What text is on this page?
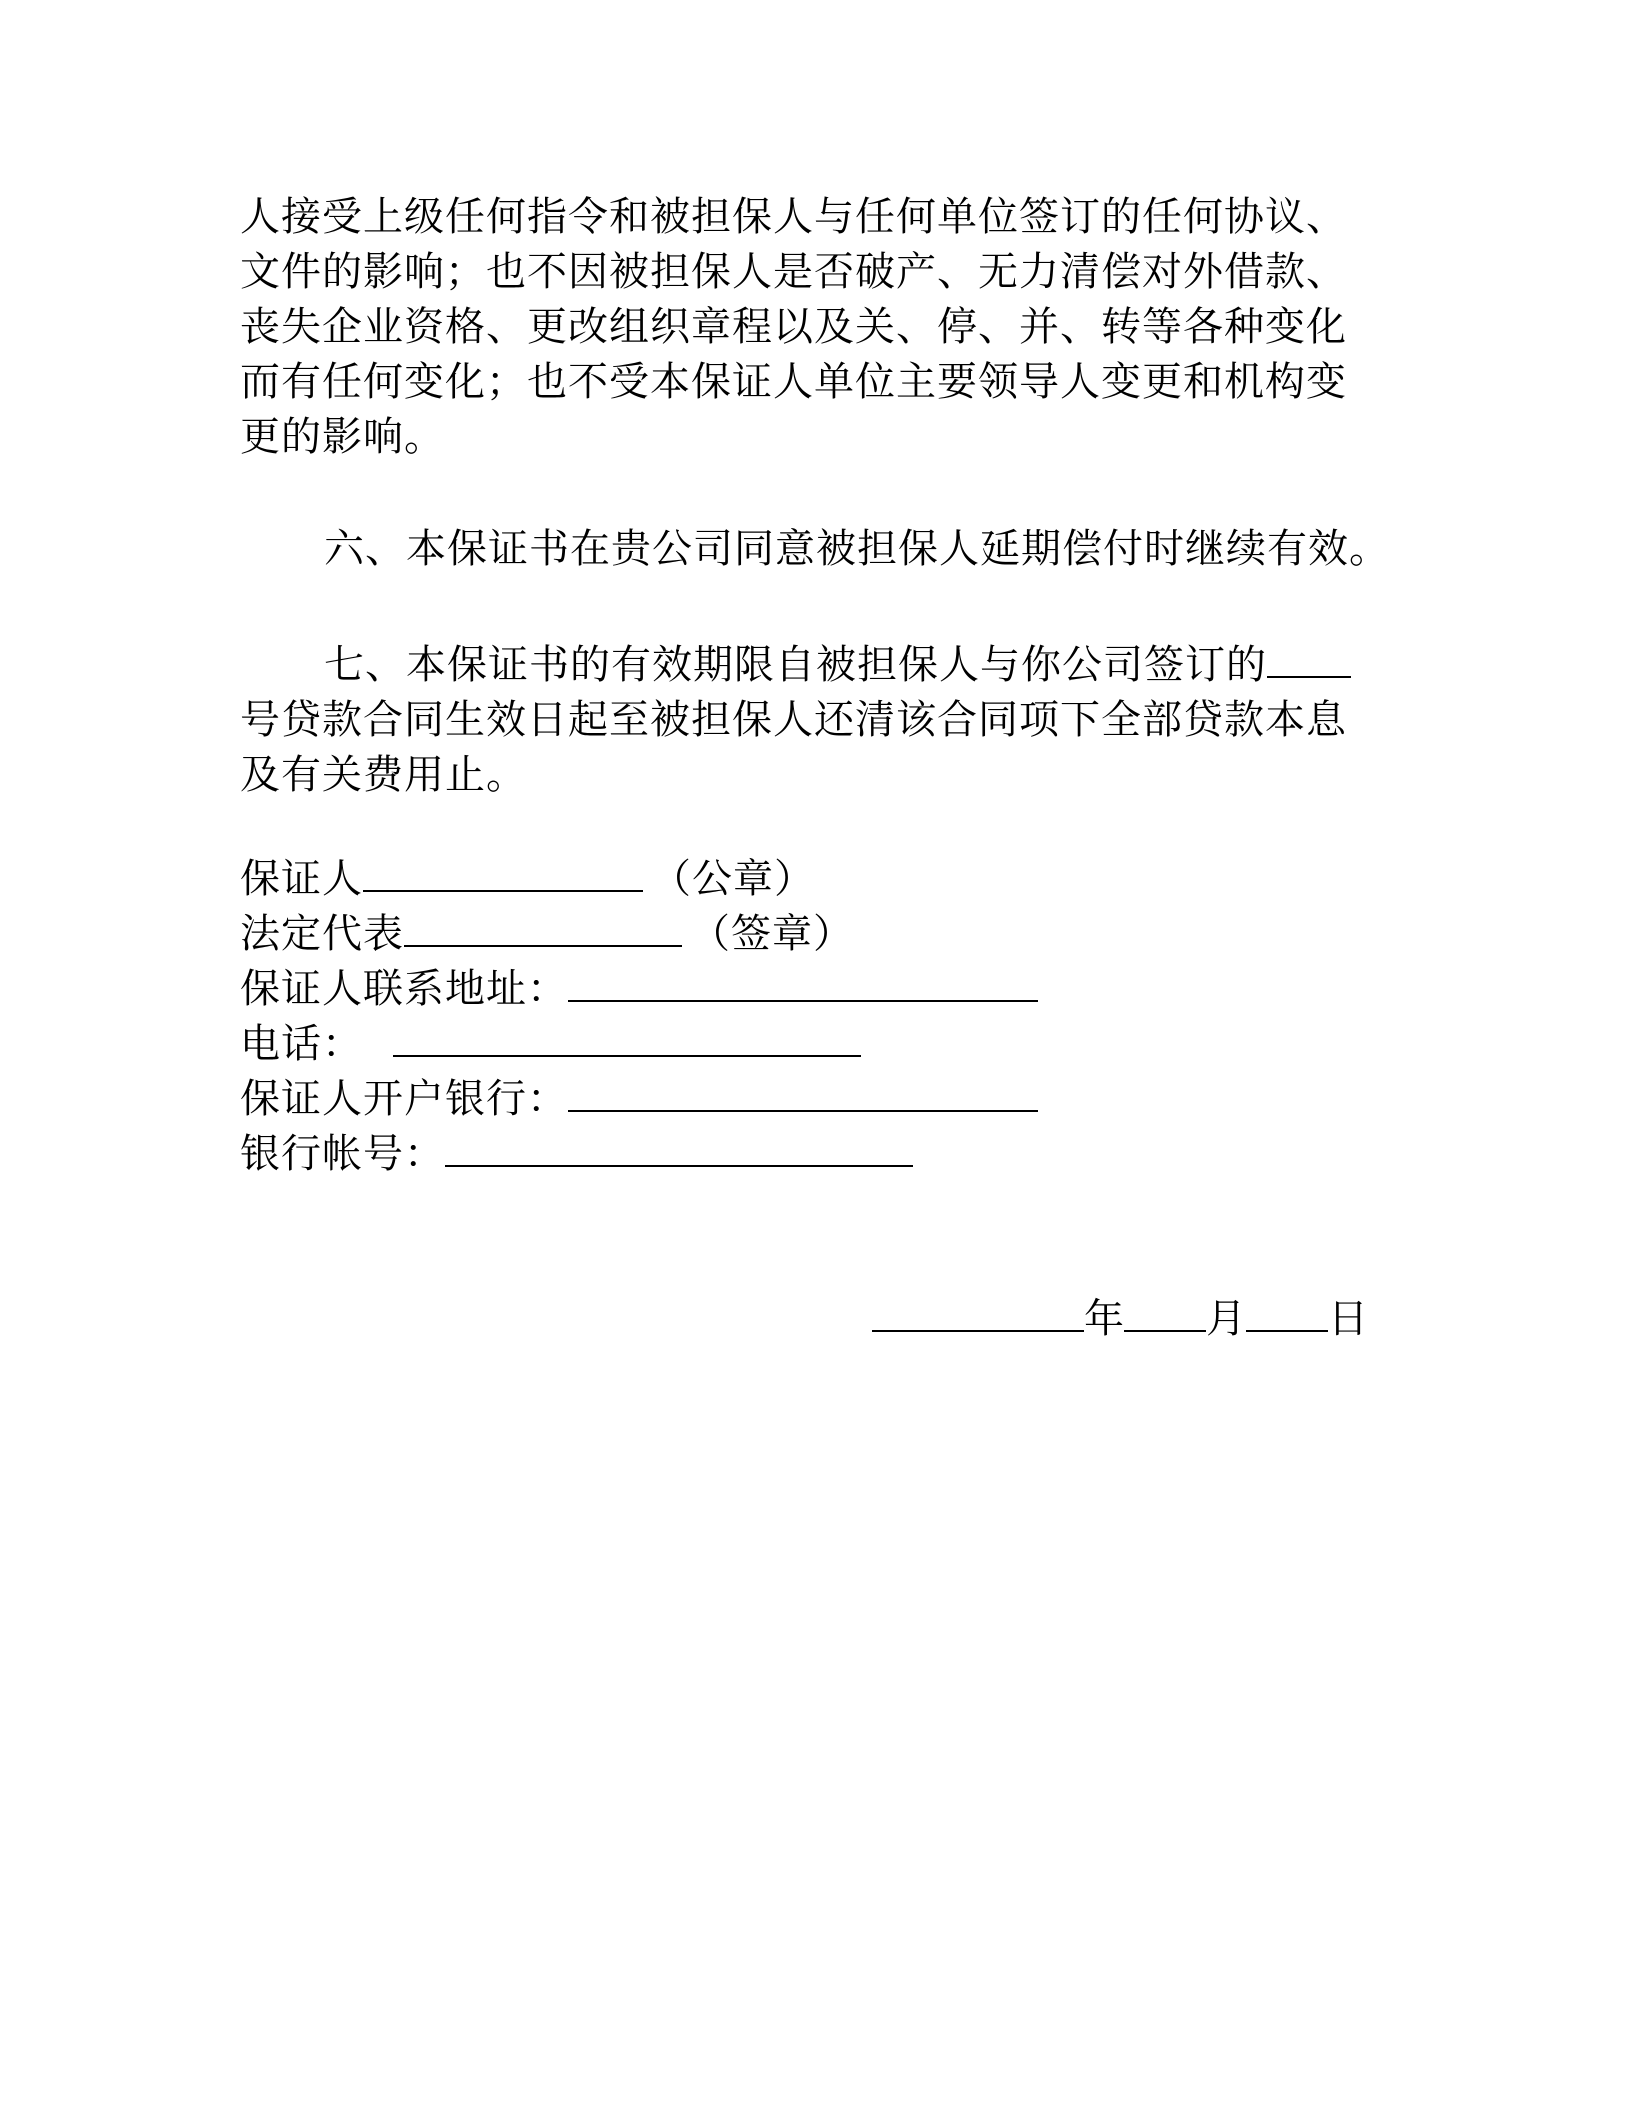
人接受上级任何指令和被担保人与任何单位签订的任何协议、
文件的影响；也不因被担保人是否破产、无力清偿对外借款、
丧失企业资格、更改组织章程以及关、停、并、转等各种变化
而有任何变化；也不受本保证人单位主要领导人变更和机构变
更的影响。
六、本保证书在贵公司同意被担保人延期偿付时继续有效。
七、本保证书的有效期限自被担保人与你公司签订的
号贷款合同生效日起至被担保人还清该合同项下全部贷款本息
及有关费用止。
保证人	（公章）
法定代表	（签章）
保证人联系地址：
电话：
保证人开户银行：
银行帐号：
年 月 日
